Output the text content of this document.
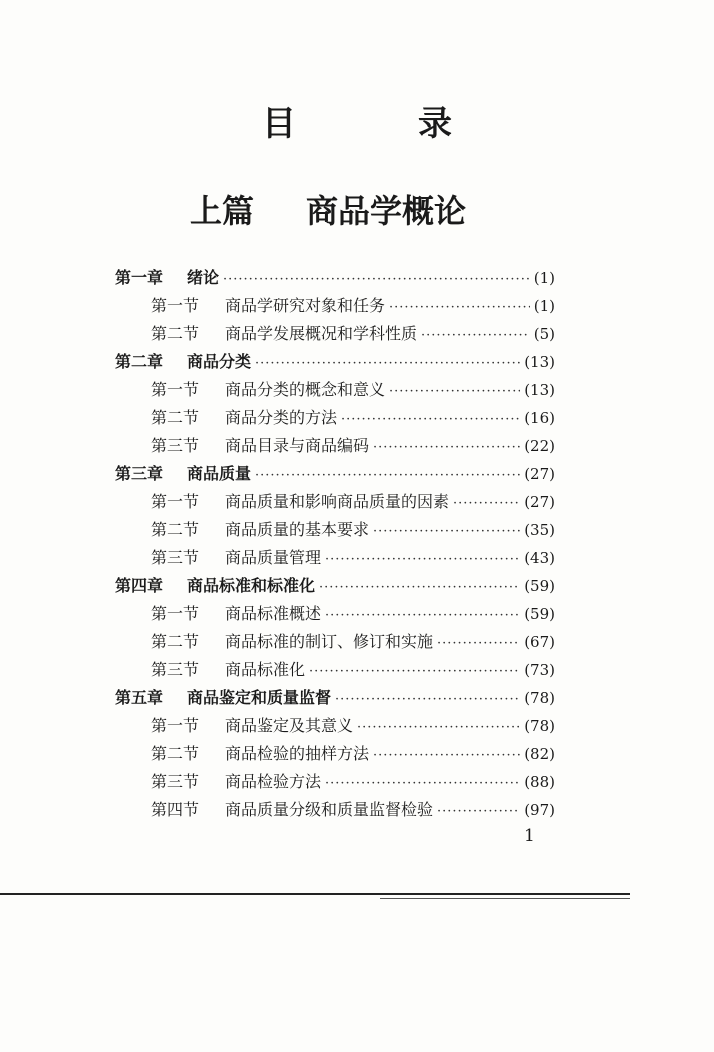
目　录
上篇 商品学概论
第一章	绪论 ·····	(1)
第一节	商品学研究对象和任务 ·····	(1)
第二节	商品学发展概况和学科性质 ·····	(5)
第二章	商品分类 ·····	(13)
第一节	商品分类的概念和意义 ·····	(13)
第二节	商品分类的方法 ·····	(16)
第三节	商品目录与商品编码 ·····	(22)
第三章	商品质量 ·····	(27)
第一节	商品质量和影响商品质量的因素 ·····	(27)
第二节	商品质量的基本要求 ·····	(35)
第三节	商品质量管理 ·····	(43)
第四章	商品标准和标准化 ·····	(59)
第一节	商品标准概述 ·····	(59)
第二节	商品标准的制订、修订和实施 ·····	(67)
第三节	商品标准化 ·····	(73)
第五章	商品鉴定和质量监督 ·····	(78)
第一节	商品鉴定及其意义 ·····	(78)
第二节	商品检验的抽样方法 ·····	(82)
第三节	商品检验方法 ·····	(88)
第四节	商品质量分级和质量监督检验 ·····	(97)
1
